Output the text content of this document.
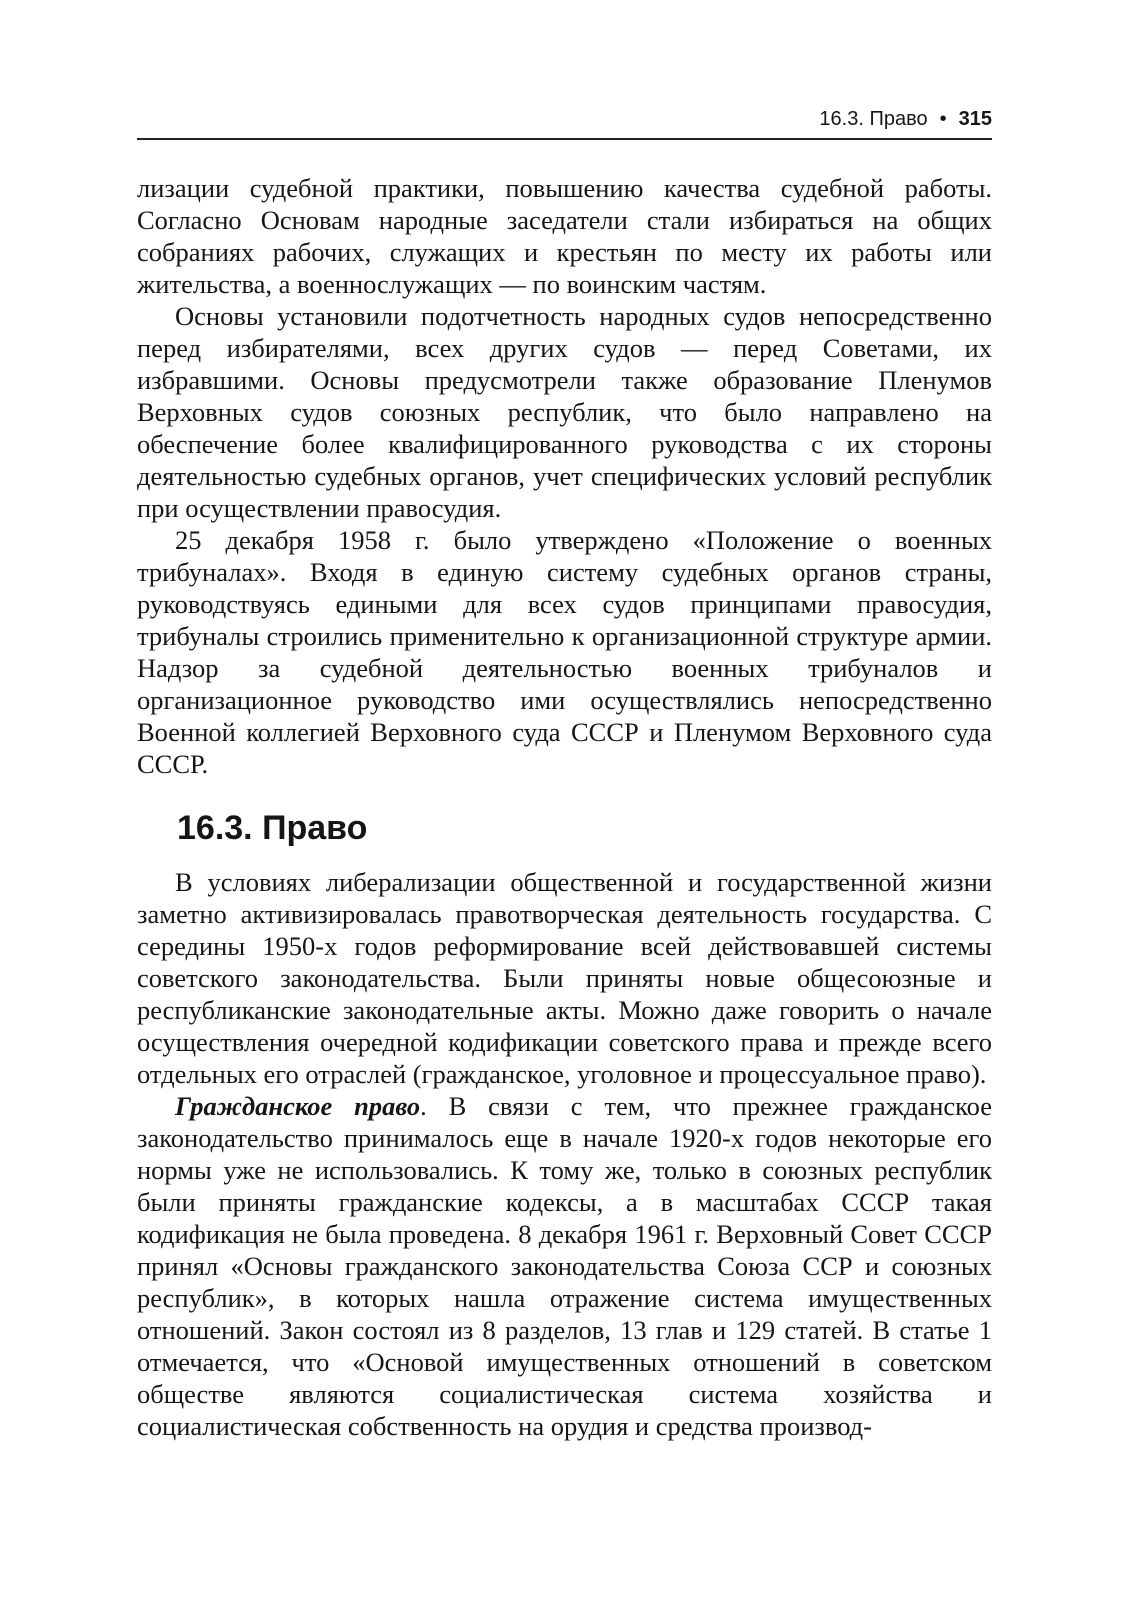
16.3. Право • 315

лизации судебной практики, повышению качества судебной работы. Согласно Основам народные заседатели стали избираться на общих собраниях рабочих, служащих и крестьян по месту их работы или жительства, а военнослужащих — по воинским частям.

Основы установили подотчетность народных судов непосредственно перед избирателями, всех других судов — перед Советами, их избравшими. Основы предусмотрели также образование Пленумов Верховных судов союзных республик, что было направлено на обеспечение более квалифицированного руководства с их стороны деятельностью судебных органов, учет специфических условий республик при осуществлении правосудия.

25 декабря 1958 г. было утверждено «Положение о военных трибуналах». Входя в единую систему судебных органов страны, руководствуясь едиными для всех судов принципами правосудия, трибуналы строились применительно к организационной структуре армии. Надзор за судебной деятельностью военных трибуналов и организационное руководство ими осуществлялись непосредственно Военной коллегией Верховного суда СССР и Пленумом Верховного суда СССР.

16.3. Право

В условиях либерализации общественной и государственной жизни заметно активизировалась правотворческая деятельность государства. С середины 1950-х годов реформирование всей действовавшей системы советского законодательства. Были приняты новые общесоюзные и республиканские законодательные акты. Можно даже говорить о начале осуществления очередной кодификации советского права и прежде всего отдельных его отраслей (гражданское, уголовное и процессуальное право).

Гражданское право. В связи с тем, что прежнее гражданское законодательство принималось еще в начале 1920-х годов некоторые его нормы уже не использовались. К тому же, только в союзных республик были приняты гражданские кодексы, а в масштабах СССР такая кодификация не была проведена. 8 декабря 1961 г. Верховный Совет СССР принял «Основы гражданского законодательства Союза ССР и союзных республик», в которых нашла отражение система имущественных отношений. Закон состоял из 8 разделов, 13 глав и 129 статей. В статье 1 отмечается, что «Основой имущественных отношений в советском обществе являются социалистическая система хозяйства и социалистическая собственность на орудия и средства производ-
